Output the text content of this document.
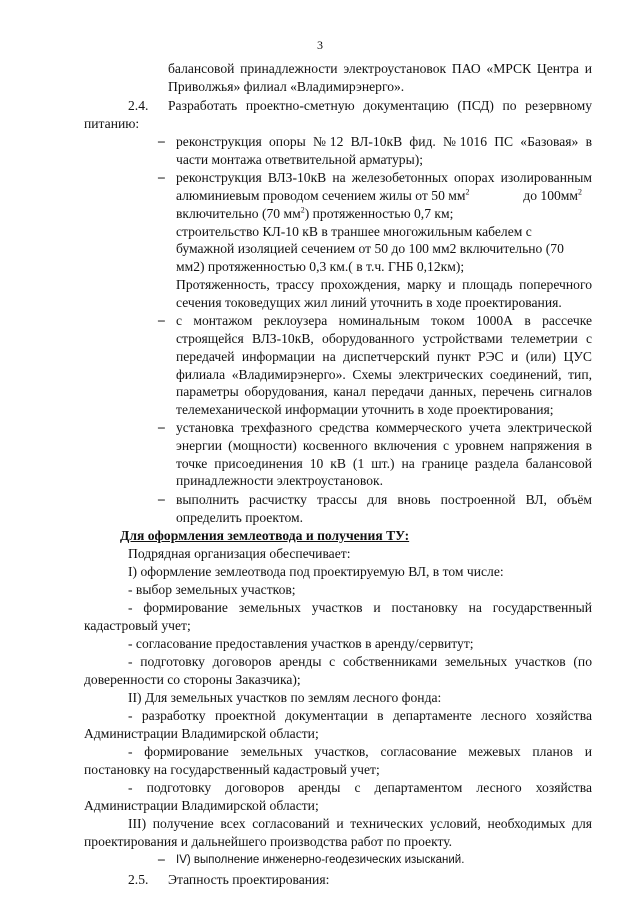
3
балансовой принадлежности электроустановок ПАО «МРСК Центра и
Приволжья» филиал «Владимирэнерго».
2.4. Разработать проектно-сметную документацию (ПСД) по резервному
питанию:
– реконструкция опоры №12 ВЛ-10кВ фид. №1016 ПС «Базовая» в
части монтажа ответвительной арматуры);
– реконструкция ВЛЗ-10кВ на железобетонных опорах изолированным
алюминиевым проводом сечением жилы от 50 $мм^2$	до $100мм^2$
включительно (70 $мм^2$) протяженностью 0,7 км;
строительство КЛ-10 кВ в траншее многожильным кабелем с
бумажной изоляцией сечением от 50 до 100 мм2 включительно (70
мм2) протяженностью 0,3 км.( в т.ч. ГНБ 0,12км);
Протяженность, трассу прохождения, марку и площадь поперечного
сечения токоведущих жил линий уточнить в ходе проектирования.
– с монтажом реклоузера номинальным током 1000А в рассечке
строящейся ВЛЗ-10кВ, оборудованного устройствами телеметрии с
передачей информации на диспетчерский пункт РЭС и (или) ЦУС
филиала «Владимирэнерго». Схемы электрических соединений, тип,
параметры оборудования, канал передачи данных, перечень сигналов
телемеханической информации уточнить в ходе проектирования;
– установка трехфазного средства коммерческого учета электрической
энергии (мощности) косвенного включения с уровнем напряжения в
точке присоединения 10 кВ (1 шт.) на границе раздела балансовой
принадлежности электроустановок.
– выполнить расчистку трассы для вновь построенной ВЛ, объём
определить проектом.
Для оформления землеотвода и получения ТУ:
Подрядная организация обеспечивает:
I) оформление землеотвода под проектируемую ВЛ, в том числе:
- выбор земельных участков;
- формирование земельных участков и постановку на государственный
кадастровый учет;
- согласование предоставления участков в аренду/сервитут;
- подготовку договоров аренды с собственниками земельных участков (по
доверенности со стороны Заказчика);
II) Для земельных участков по землям лесного фонда:
- разработку проектной документации в департаменте лесного хозяйства
Администрации Владимирской области;
- формирование земельных участков, согласование межевых планов и
постановку на государственный кадастровый учет;
- подготовку договоров аренды с департаментом лесного хозяйства
Администрации Владимирской области;
III) получение всех согласований и технических условий, необходимых для
проектирования и дальнейшего производства работ по проекту.
– IV) выполнение инженерно-геодезических изысканий.
2.5. Этапность проектирования:
